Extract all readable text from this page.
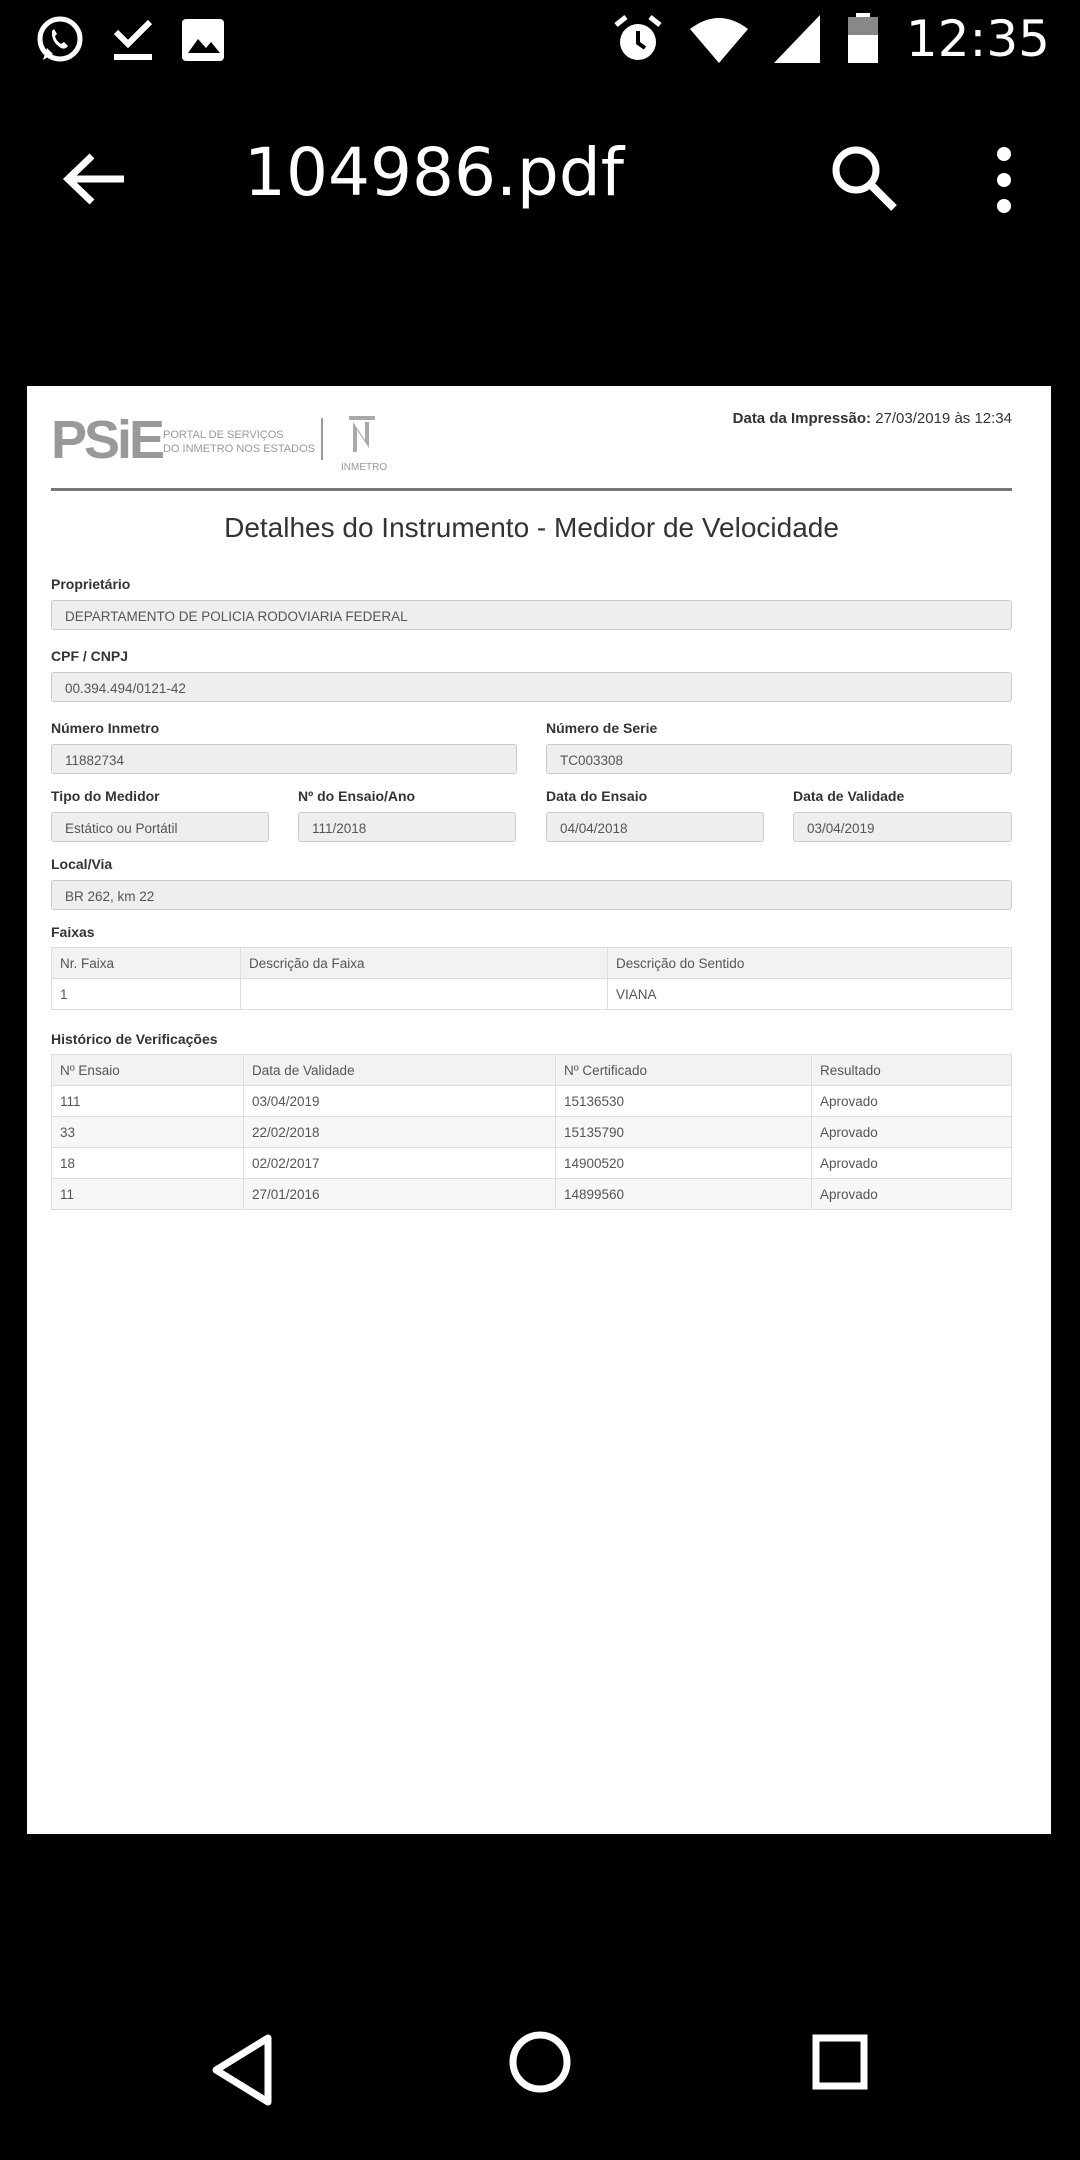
12:35
104986.pdf
PSiE PORTAL DE SERVIÇOS
DO INMETRO NOS ESTADOS
INMETRO
Data da Impressão: 27/03/2019 às 12:34
Detalhes do Instrumento - Medidor de Velocidade
Proprietário
DEPARTAMENTO DE POLICIA RODOVIARIA FEDERAL
CPF / CNPJ
00.394.494/0121-42
Número Inmetro
11882734
Número de Serie
TC003308
Tipo do Medidor
Estático ou Portátil
Nº do Ensaio/Ano
111/2018
Data do Ensaio
04/04/2018
Data de Validade
03/04/2019
Local/Via
BR 262, km 22
Faixas
Nr. Faixa	Descrição da Faixa	Descrição do Sentido
1		VIANA
Histórico de Verificações
Nº Ensaio	Data de Validade	Nº Certificado	Resultado
111	03/04/2019	15136530	Aprovado
33	22/02/2018	15135790	Aprovado
18	02/02/2017	14900520	Aprovado
11	27/01/2016	14899560	Aprovado
